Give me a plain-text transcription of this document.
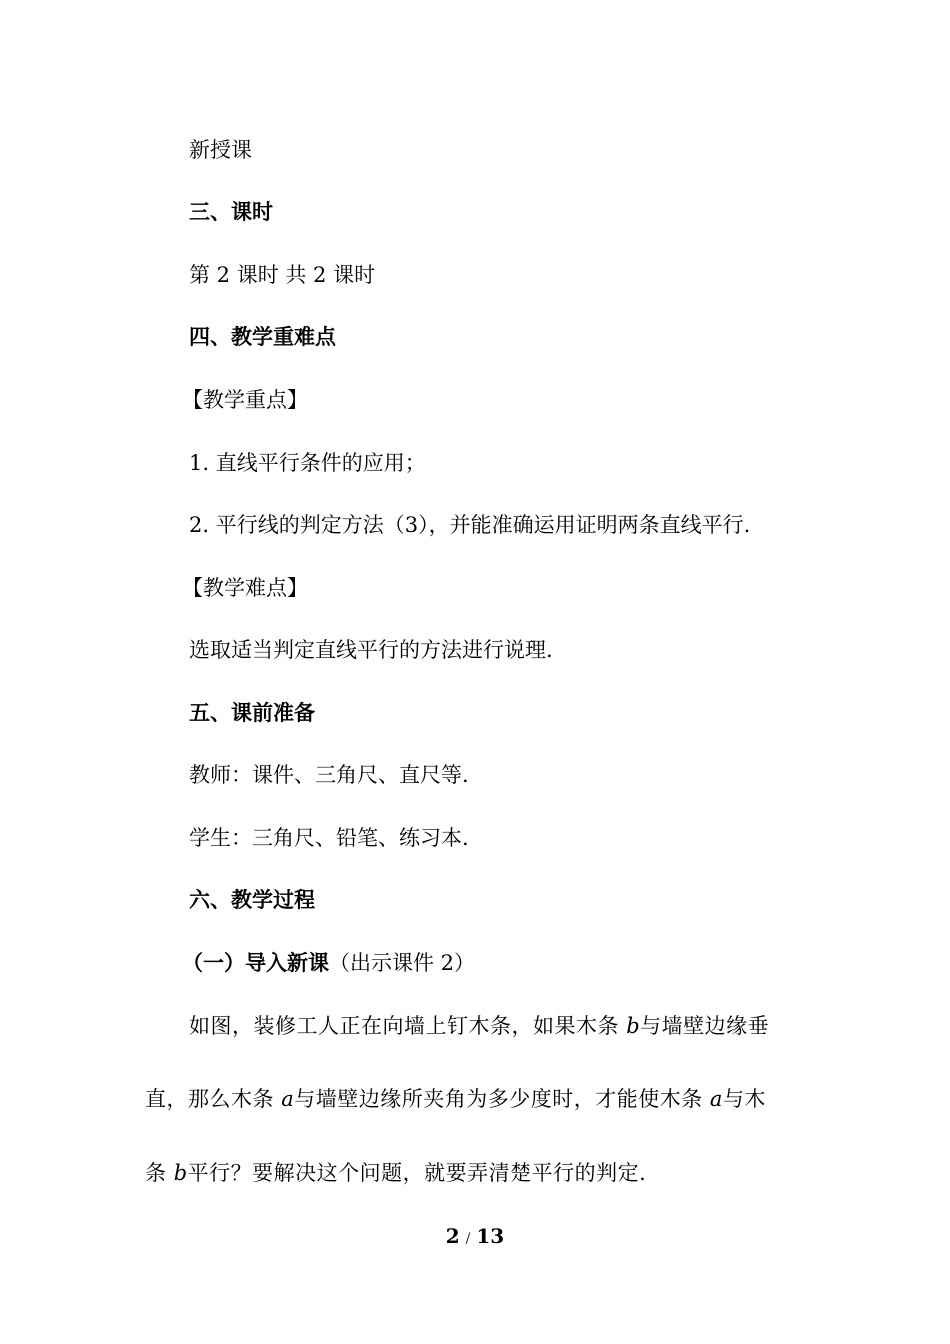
新授课
三、课时
第 2 课时 共 2 课时
四、教学重难点
【教学重点】
1. 直线平行条件的应用；
2. 平行线的判定方法（3），并能准确运用证明两条直线平行.
【教学难点】
选取适当判定直线平行的方法进行说理.
五、课前准备
教师：课件、三角尺、直尺等.
学生：三角尺、铅笔、练习本.
六、教学过程
（一）导入新课（出示课件 2）
如图，装修工人正在向墙上钉木条，如果木条 b与墙壁边缘垂
直，那么木条 a与墙壁边缘所夹角为多少度时，才能使木条 a与木
条 b平行？要解决这个问题，就要弄清楚平行的判定.
2 / 13
